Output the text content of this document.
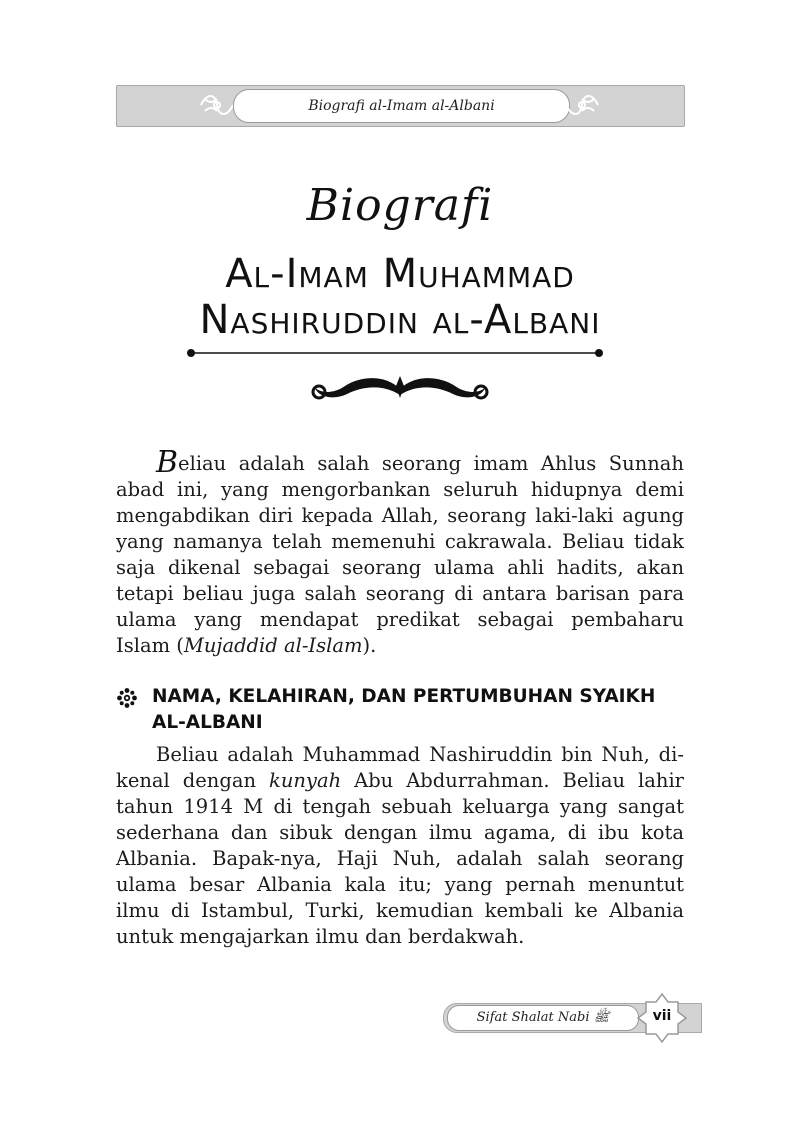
Biografi al-Imam al-Albani
Biografi
Al-Imam Muhammad
Nashiruddin al-Albani

Beliau adalah salah seorang imam Ahlus Sunnah abad ini, yang mengorbankan seluruh hidupnya demi mengabdikan diri kepada Allah, seorang laki-laki agung yang namanya telah memenuhi cakrawala. Beliau tidak saja dikenal sebagai seorang ulama ahli hadits, akan tetapi beliau juga salah seorang di antara barisan para ulama yang mendapat predikat sebagai pembaharu Islam (Mujaddid al-Islam).

NAMA, KELAHIRAN, DAN PERTUMBUHAN SYAIKH AL-ALBANI

Beliau adalah Muhammad Nashiruddin bin Nuh, di-kenal dengan kunyah Abu Abdurrahman. Beliau lahir tahun 1914 M di tengah sebuah keluarga yang sangat sederhana dan sibuk dengan ilmu agama, di ibu kota Albania. Bapak-nya, Haji Nuh, adalah salah seorang ulama besar Albania kala itu; yang pernah menuntut ilmu di Istambul, Turki, kemudian kembali ke Albania untuk mengajarkan ilmu dan berdakwah.

Sifat Shalat Nabi ﷺ	vii
